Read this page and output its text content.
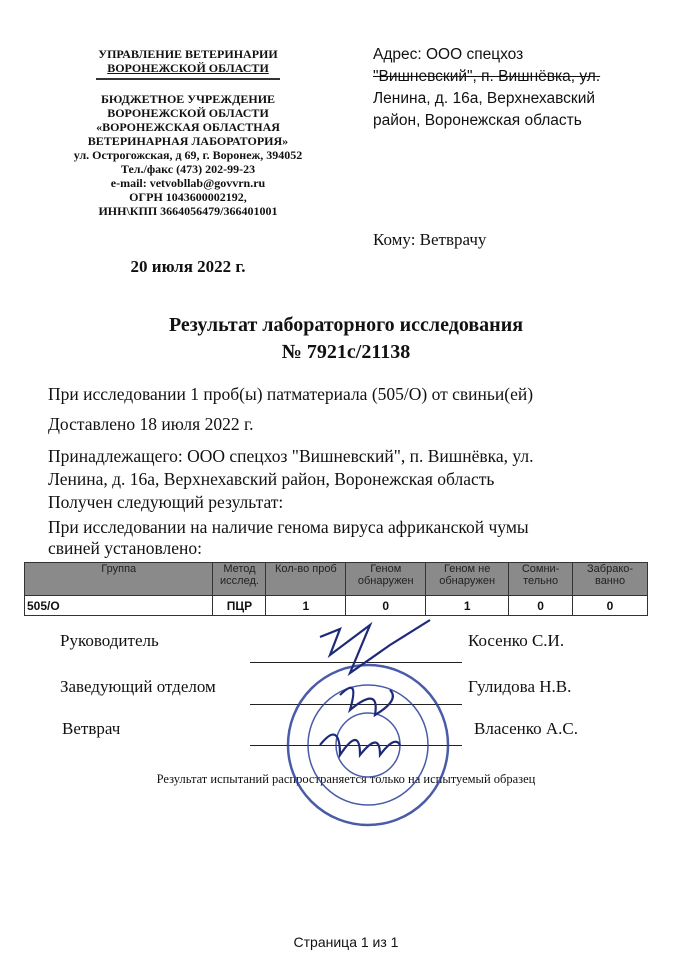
УПРАВЛЕНИЕ ВЕТЕРИНАРИИ
ВОРОНЕЖСКОЙ ОБЛАСТИ
БЮДЖЕТНОЕ УЧРЕЖДЕНИЕ
ВОРОНЕЖСКОЙ ОБЛАСТИ
«ВОРОНЕЖСКАЯ ОБЛАСТНАЯ
ВЕТЕРИНАРНАЯ ЛАБОРАТОРИЯ»
ул. Острогожская, д 69, г. Воронеж, 394052
Тел./факс (473) 202-99-23
e-mail: vetvobllab@govvrn.ru
ОГРН 1043600002192,
ИНН\КПП 3664056479/366401001
20 июля 2022 г.
Адрес: ООО спецхоз
"Вишневский", п. Вишнёвка, ул.
Ленина, д. 16а, Верхнехавский
район, Воронежская область
Кому: Ветврачу
Результат лабораторного исследования
№ 7921с/21138
При исследовании 1 проб(ы) патматериала (505/О) от свиньи(ей)
Доставлено 18 июля 2022 г.
Принадлежащего: ООО спецхоз "Вишневский", п. Вишнёвка, ул.
Ленина, д. 16а, Верхнехавский район, Воронежская область
Получен следующий результат:
При исследовании на наличие генома вируса африканской чумы
свиней установлено:
Группа	Метод исслед.	Кол-во проб	Геном обнаружен	Геном не обнаружен	Сомни-тельно	Забрако-ванно
505/О	ПЦР	1	0	1	0	0
Руководитель	Косенко С.И.
Заведующий отделом	Гулидова Н.В.
Ветврач	Власенко А.С.
Результат испытаний распространяется только на испытуемый образец
Страница 1 из 1
